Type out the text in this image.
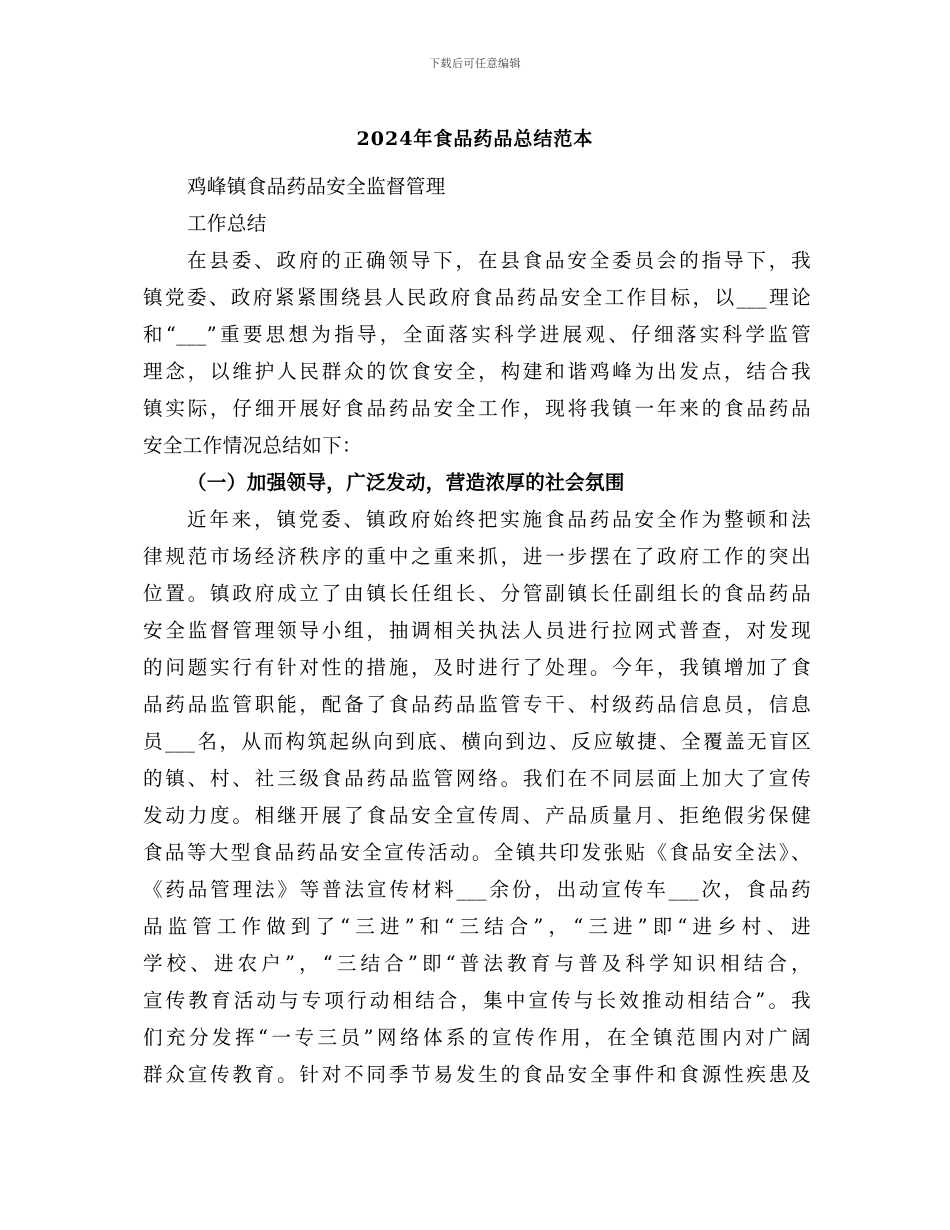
下载后可任意编辑
2024年食品药品总结范本
鸡峰镇食品药品安全监督管理
工作总结
在县委、政府的正确领导下，在县食品安全委员会的指导下，我
镇党委、政府紧紧围绕县人民政府食品药品安全工作目标，以___理论
和“___”重要思想为指导，全面落实科学进展观、仔细落实科学监管
理念，以维护人民群众的饮食安全，构建和谐鸡峰为出发点，结合我
镇实际，仔细开展好食品药品安全工作，现将我镇一年来的食品药品
安全工作情况总结如下：
（一）加强领导，广泛发动，营造浓厚的社会氛围
近年来，镇党委、镇政府始终把实施食品药品安全作为整顿和法
律规范市场经济秩序的重中之重来抓，进一步摆在了政府工作的突出
位置。镇政府成立了由镇长任组长、分管副镇长任副组长的食品药品
安全监督管理领导小组，抽调相关执法人员进行拉网式普查，对发现
的问题实行有针对性的措施，及时进行了处理。今年，我镇增加了食
品药品监管职能，配备了食品药品监管专干、村级药品信息员，信息
员___名，从而构筑起纵向到底、横向到边、反应敏捷、全覆盖无盲区
的镇、村、社三级食品药品监管网络。我们在不同层面上加大了宣传
发动力度。相继开展了食品安全宣传周、产品质量月、拒绝假劣保健
食品等大型食品药品安全宣传活动。全镇共印发张贴《食品安全法》、
《药品管理法》等普法宣传材料___余份，出动宣传车___次，食品药
品监管工作做到了“三进”和“三结合”，“三进”即“进乡村、进
学校、进农户”，“三结合”即“普法教育与普及科学知识相结合，
宣传教育活动与专项行动相结合，集中宣传与长效推动相结合”。我
们充分发挥“一专三员”网络体系的宣传作用，在全镇范围内对广阔
群众宣传教育。针对不同季节易发生的食品安全事件和食源性疾患及
